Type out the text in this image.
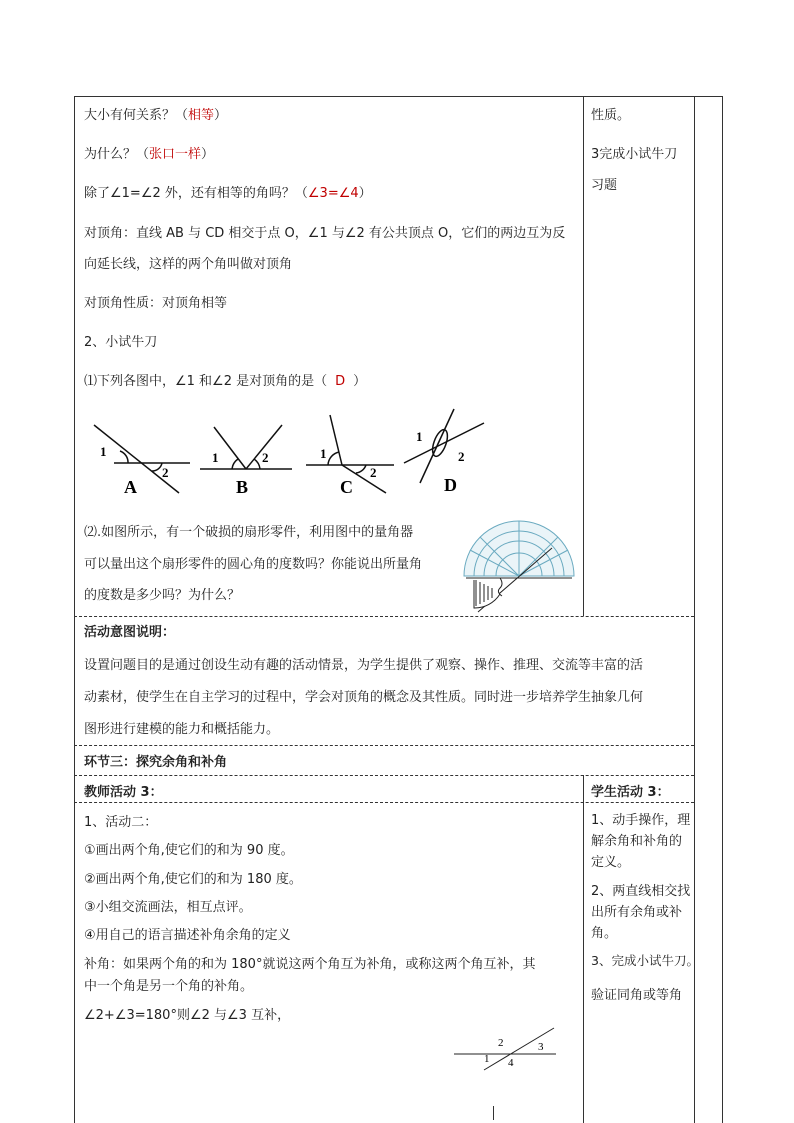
大小有何关系？（相等）
为什么？（张口一样）
除了∠1=∠2 外，还有相等的角吗？（∠3=∠4）
对顶角：直线 AB 与 CD 相交于点 O，∠1 与∠2 有公共顶点 O，它们的两边互为反
向延长线，这样的两个角叫做对顶角
对顶角性质：对顶角相等
2、小试牛刀
⑴下列各图中，∠1 和∠2 是对顶角的是（ D ）
1
2
A
1	2
B
1
2
C
1
2
D
⑵.如图所示，有一个破损的扇形零件，利用图中的量角器
可以量出这个扇形零件的圆心角的度数吗？你能说出所量角
的度数是多少吗？为什么？
性质。
3完成小试牛刀
习题
活动意图说明：
设置问题目的是通过创设生动有趣的活动情景，为学生提供了观察、操作、推理、交流等丰富的活
动素材，使学生在自主学习的过程中，学会对顶角的概念及其性质。同时进一步培养学生抽象几何
图形进行建模的能力和概括能力。
环节三：探究余角和补角
教师活动 3：
1、活动二：
①画出两个角,使它们的和为 90 度。
②画出两个角,使它们的和为 180 度。
③小组交流画法，相互点评。
④用自己的语言描述补角余角的定义
补角：如果两个角的和为 180°就说这两个角互为补角，或称这两个角互补，其
中一个角是另一个角的补角。
∠2+∠3=180°则∠2 与∠3 互补，
2	3
1 4
学生活动 3：
1、动手操作，理
解余角和补角的
定义。
2、两直线相交找
出所有余角或补
角。
3、完成小试牛刀。
验证同角或等角
